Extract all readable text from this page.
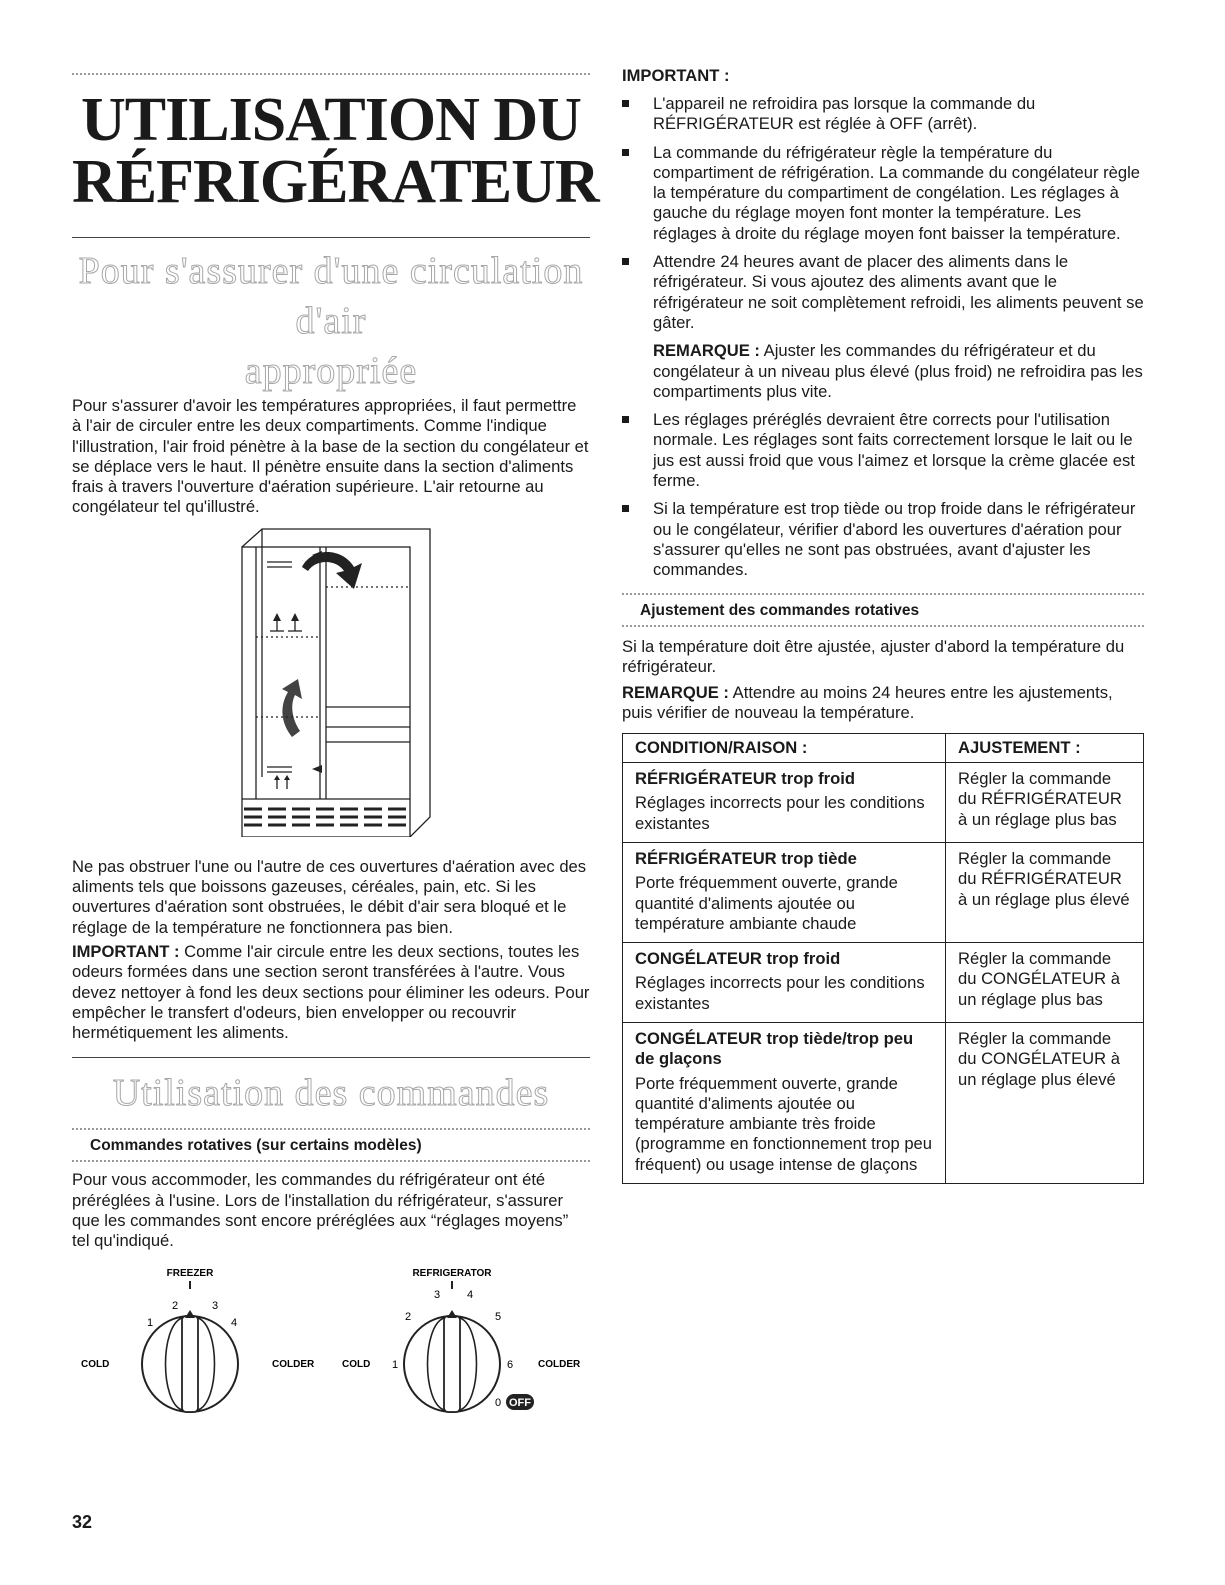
UTILISATION DU
RÉFRIGÉRATEUR
Pour s'assurer d'une circulation d'air
appropriée

Pour s'assurer d'avoir les températures appropriées, il faut permettre à l'air de circuler entre les deux compartiments. Comme l'indique l'illustration, l'air froid pénètre à la base de la section du congélateur et se déplace vers le haut. Il pénètre ensuite dans la section d'aliments frais à travers l'ouverture d'aération supérieure. L'air retourne au congélateur tel qu'illustré.

Ne pas obstruer l'une ou l'autre de ces ouvertures d'aération avec des aliments tels que boissons gazeuses, céréales, pain, etc. Si les ouvertures d'aération sont obstruées, le débit d'air sera bloqué et le réglage de la température ne fonctionnera pas bien.

IMPORTANT : Comme l'air circule entre les deux sections, toutes les odeurs formées dans une section seront transférées à l'autre. Vous devez nettoyer à fond les deux sections pour éliminer les odeurs. Pour empêcher le transfert d'odeurs, bien envelopper ou recouvrir hermétiquement les aliments.

Utilisation des commandes
Commandes rotatives (sur certains modèles)

Pour vous accommoder, les commandes du réfrigérateur ont été préréglées à l'usine. Lors de l'installation du réfrigérateur, s'assurer que les commandes sont encore préréglées aux “réglages moyens” tel qu'indiqué.

FREEZER
2	3
1	4
COLD	COLDER
REFRIGERATOR
3 4
2	5
1	6
0
COLD	COLDER
OFF
IMPORTANT :

L'appareil ne refroidira pas lorsque la commande du RÉFRIGÉRATEUR est réglée à OFF (arrêt).

La commande du réfrigérateur règle la température du compartiment de réfrigération. La commande du congélateur règle la température du compartiment de congélation. Les réglages à gauche du réglage moyen font monter la température. Les réglages à droite du réglage moyen font baisser la température.

Attendre 24 heures avant de placer des aliments dans le réfrigérateur. Si vous ajoutez des aliments avant que le réfrigérateur ne soit complètement refroidi, les aliments peuvent se gâter.

REMARQUE : Ajuster les commandes du réfrigérateur et du congélateur à un niveau plus élevé (plus froid) ne refroidira pas les compartiments plus vite.

Les réglages préréglés devraient être corrects pour l'utilisation normale. Les réglages sont faits correctement lorsque le lait ou le jus est aussi froid que vous l'aimez et lorsque la crème glacée est ferme.

Si la température est trop tiède ou trop froide dans le réfrigérateur ou le congélateur, vérifier d'abord les ouvertures d'aération pour s'assurer qu'elles ne sont pas obstruées, avant d'ajuster les commandes.

Ajustement des commandes rotatives

Si la température doit être ajustée, ajuster d'abord la température du réfrigérateur.

REMARQUE : Attendre au moins 24 heures entre les ajustements, puis vérifier de nouveau la température.

CONDITION/RAISON :	AJUSTEMENT :

RÉFRIGÉRATEUR trop froid
Réglages incorrects pour les conditions existantes	Régler la commande du RÉFRIGÉRATEUR à un réglage plus bas

RÉFRIGÉRATEUR trop tiède
Porte fréquemment ouverte, grande quantité d'aliments ajoutée ou température ambiante chaude	Régler la commande du RÉFRIGÉRATEUR à un réglage plus élevé

CONGÉLATEUR trop froid
Réglages incorrects pour les conditions existantes	Régler la commande du CONGÉLATEUR à un réglage plus bas

CONGÉLATEUR trop tiède/trop peu de glaçons
Porte fréquemment ouverte, grande quantité d'aliments ajoutée ou température ambiante très froide (programme en fonctionnement trop peu fréquent) ou usage intense de glaçons	Régler la commande du CONGÉLATEUR à un réglage plus élevé
32
